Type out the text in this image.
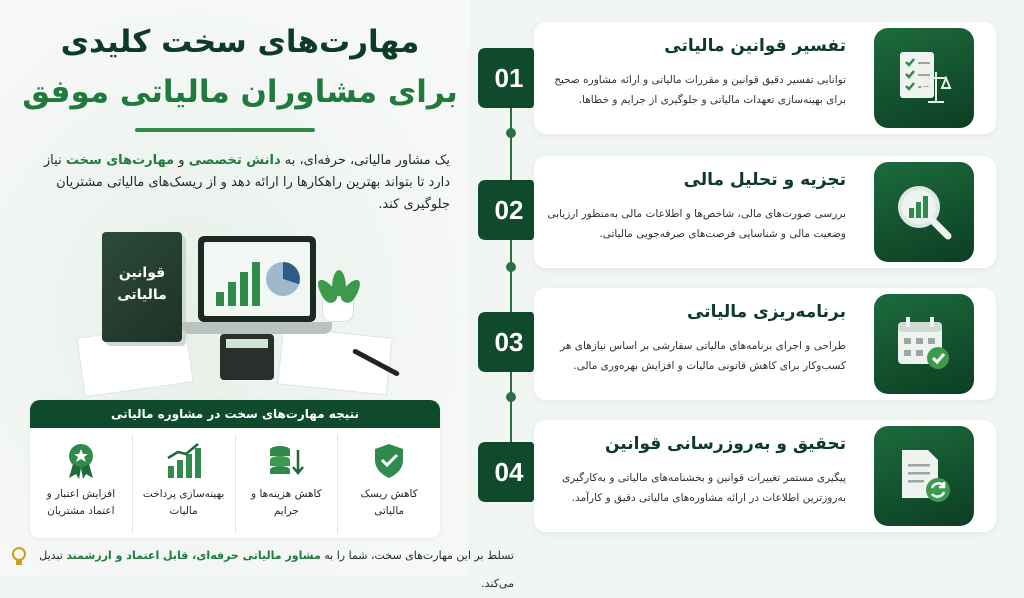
مهارت‌های سخت کلیدی
برای مشاوران مالیاتی موفق

یک مشاور مالیاتی، حرفه‌ای، به دانش تخصصی و مهارت‌های سخت نیاز دارد تا بتواند بهترین راهکارها را ارائه دهد و از ریسک‌های مالیاتی مشتریان جلوگیری کند.

قوانین مالیاتی
نتیجه مهارت‌های سخت در مشاوره مالیاتی
افزایش اعتبار و اعتماد مشتریان
بهینه‌سازی پرداخت مالیات
کاهش هزینه‌ها و جرایم
کاهش ریسک مالیاتی

تسلط بر این مهارت‌های سخت، شما را به مشاور مالیاتی حرفه‌ای، قابل اعتماد و ارزشمند تبدیل می‌کند.

01
تفسیر قوانین مالیاتی
توانایی تفسیر دقیق قوانین و مقررات مالیاتی و ارائه مشاوره صحیح برای بهینه‌سازی تعهدات مالیاتی و جلوگیری از جرایم و خطاها.
02
تجزیه و تحلیل مالی
بررسی صورت‌های مالی، شاخص‌ها و اطلاعات مالی به‌منظور ارزیابی وضعیت مالی و شناسایی فرصت‌های صرفه‌جویی مالیاتی.
03
برنامه‌ریزی مالیاتی
طراحی و اجرای برنامه‌های مالیاتی سفارشی بر اساس نیازهای هر کسب‌وکار برای کاهش قانونی مالیات و افزایش بهره‌وری مالی.
04
تحقیق و به‌روزرسانی قوانین
پیگیری مستمر تغییرات قوانین و بخشنامه‌های مالیاتی و به‌کارگیری به‌روزترین اطلاعات در ارائه مشاوره‌های مالیاتی دقیق و کارآمد.
